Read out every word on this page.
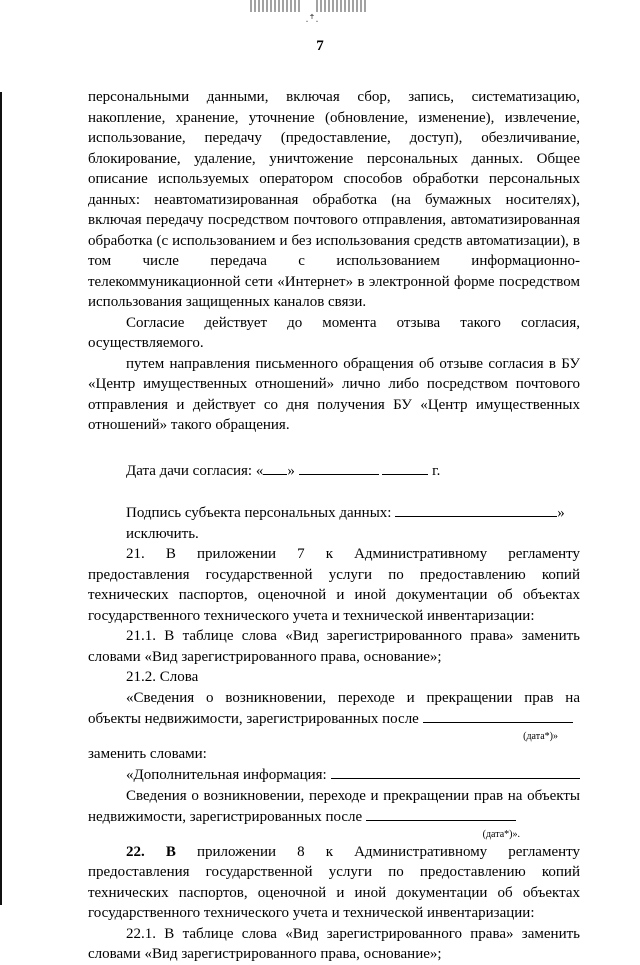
·ꜛ·
7

персональными данными, включая сбор, запись, систематизацию, накопление, хранение, уточнение (обновление, изменение), извлечение, использование, передачу (предоставление, доступ), обезличивание, блокирование, удаление, уничтожение персональных данных. Общее описание используемых оператором способов обработки персональных данных: неавтоматизированная обработка (на бумажных носителях), включая передачу посредством почтового отправления, автоматизированная обработка (с использованием и без использования средств автоматизации), в том числе передача с использованием информационно-телекоммуникационной сети «Интернет» в электронной форме посредством использования защищенных каналов связи.

Согласие действует до момента отзыва такого согласия, осуществляемого.

путем направления письменного обращения об отзыве согласия в БУ «Центр имущественных отношений» лично либо посредством почтового отправления и действует со дня получения БУ «Центр имущественных отношений» такого обращения.

Дата дачи согласия: « »	г.

Подпись субъекта персональных данных:	»

исключить.

21. В приложении 7 к Административному регламенту предоставления государственной услуги по предоставлению копий технических паспортов, оценочной и иной документации об объектах государственного технического учета и технической инвентаризации:

21.1. В таблице слова «Вид зарегистрированного права» заменить словами «Вид зарегистрированного права, основание»;

21.2. Слова

«Сведения о возникновении, переходе и прекращении прав на объекты недвижимости, зарегистрированных после

(дата*)»

заменить словами:

«Дополнительная информация:

Сведения о возникновении, переходе и прекращении прав на объекты недвижимости, зарегистрированных после

(дата*)».

22. В приложении 8 к Административному регламенту предоставления государственной услуги по предоставлению копий технических паспортов, оценочной и иной документации об объектах государственного технического учета и технической инвентаризации:

22.1. В таблице слова «Вид зарегистрированного права» заменить словами «Вид зарегистрированного права, основание»;
